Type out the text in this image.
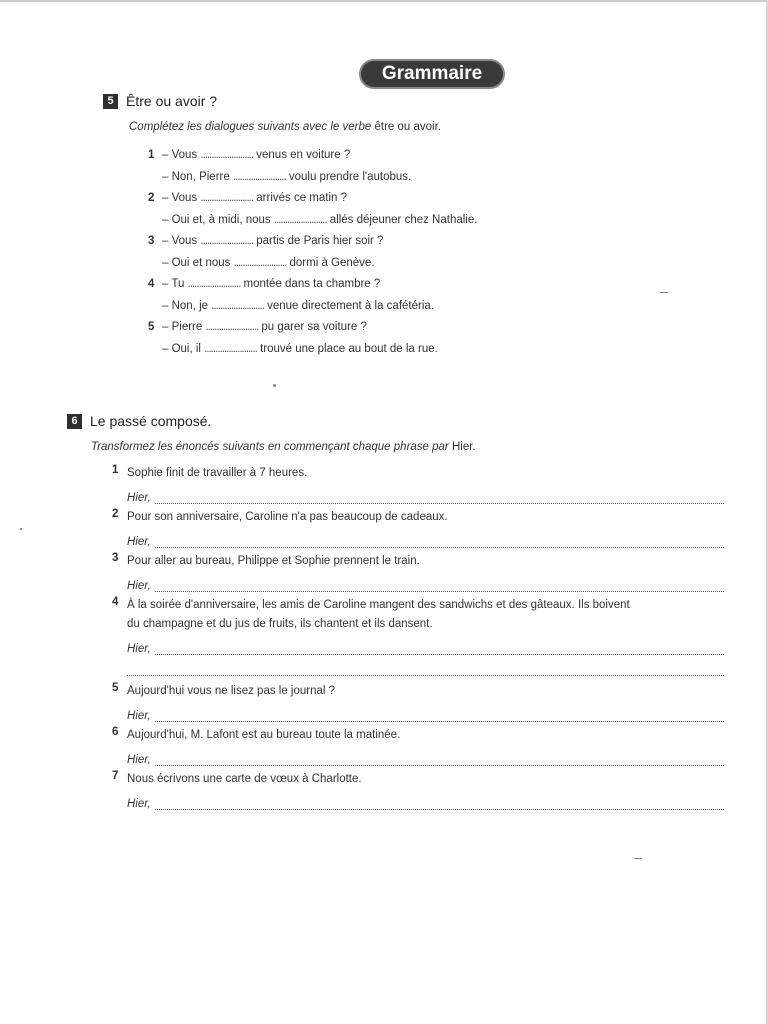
Grammaire
5 Être ou avoir ?
Complétez les dialogues suivants avec le verbe être ou avoir.
1 – Vous ........................ venus en voiture ?
– Non, Pierre ........................ voulu prendre l'autobus.
2 – Vous ........................ arrivés ce matin ?
– Oui et, à midi, nous ........................ allés déjeuner chez Nathalie.
3 – Vous ........................ partis de Paris hier soir ?
– Oui et nous ........................ dormi à Genève.
4 – Tu ........................ montée dans ta chambre ?
– Non, je ........................ venue directement à la cafétéria.
5 – Pierre ........................ pu garer sa voiture ?
– Oui, il ........................ trouvé une place au bout de la rue.
6 Le passé composé.
Transformez les énoncés suivants en commençant chaque phrase par Hier.
1 Sophie finit de travailler à 7 heures.
Hier,
2 Pour son anniversaire, Caroline n'a pas beaucoup de cadeaux.
Hier,
3 Pour aller au bureau, Philippe et Sophie prennent le train.
Hier,
4 À la soirée d'anniversaire, les amis de Caroline mangent des sandwichs et des gâteaux. Ils boivent
du champagne et du jus de fruits, ils chantent et ils dansent.
Hier,
5 Aujourd'hui vous ne lisez pas le journal ?
Hier,
6 Aujourd'hui, M. Lafont est au bureau toute la matinée.
Hier,
7 Nous écrivons une carte de vœux à Charlotte.
Hier,
